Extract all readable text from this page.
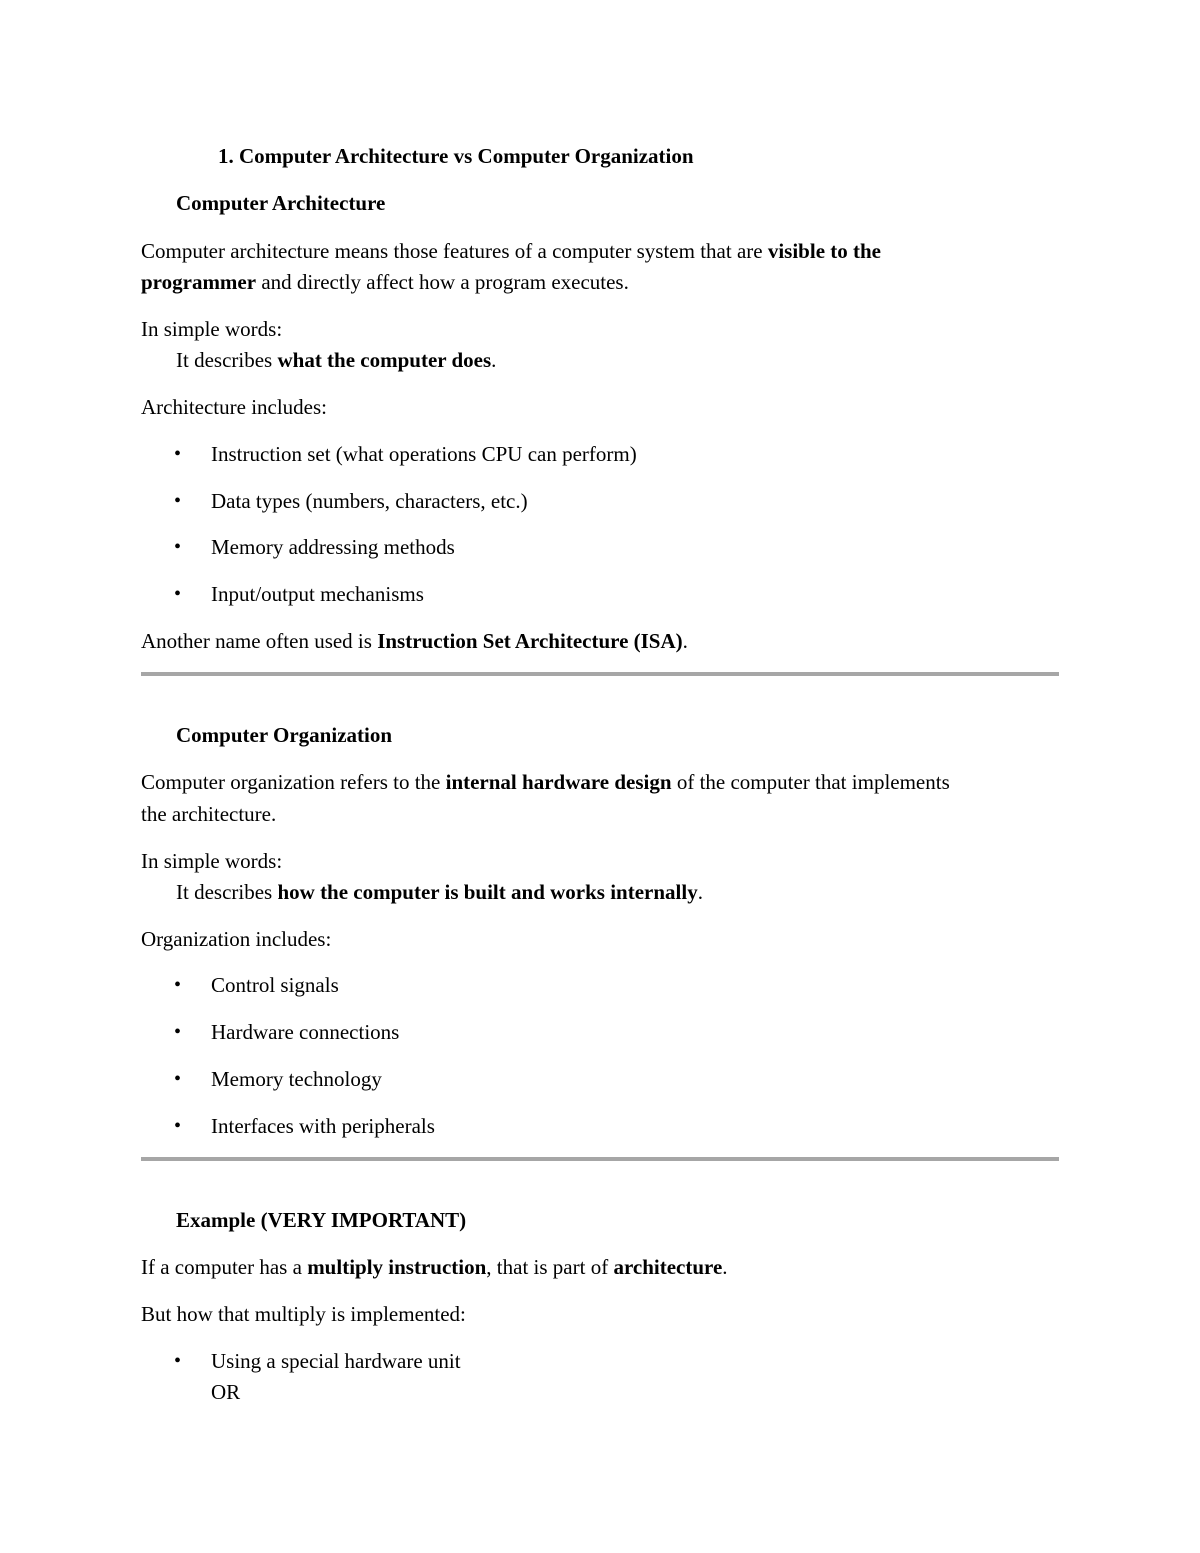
1. Computer Architecture vs Computer Organization
Computer Architecture
Computer architecture means those features of a computer system that are visible to the
programmer and directly affect how a program executes.
In simple words:
It describes what the computer does.
Architecture includes:
• Instruction set (what operations CPU can perform)
• Data types (numbers, characters, etc.)
• Memory addressing methods
• Input/output mechanisms
Another name often used is Instruction Set Architecture (ISA).
Computer Organization
Computer organization refers to the internal hardware design of the computer that implements
the architecture.
In simple words:
It describes how the computer is built and works internally.
Organization includes:
• Control signals
• Hardware connections
• Memory technology
• Interfaces with peripherals
Example (VERY IMPORTANT)
If a computer has a multiply instruction, that is part of architecture.
But how that multiply is implemented:
• Using a special hardware unit
OR
